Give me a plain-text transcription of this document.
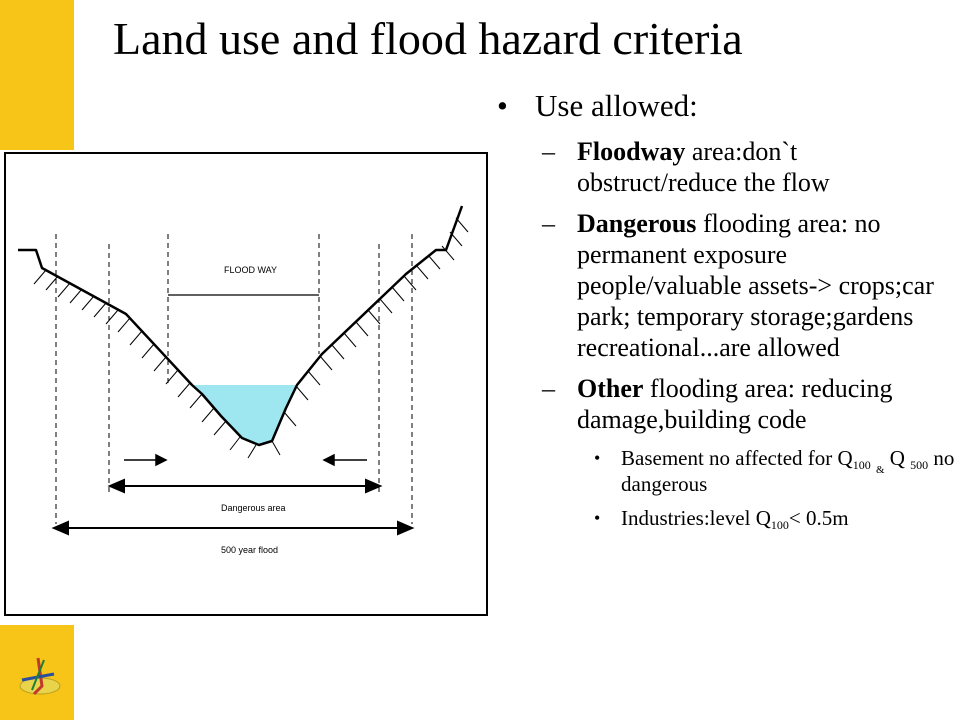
Land use and flood hazard criteria
FLOOD WAY
Dangerous area
500 year flood
• Use allowed:
– Floodway area:don`t obstruct/reduce the flow
– Dangerous flooding area: no permanent exposure people/valuable assets-> crops;car park; temporary storage;gardens recreational...are allowed
– Other flooding area: reducing damage,building code
• Basement no affected for $Q_{100}$ $_{\&}$ Q $_{500}$ no dangerous
• Industries:level $Q_{100}< 0.5m$
